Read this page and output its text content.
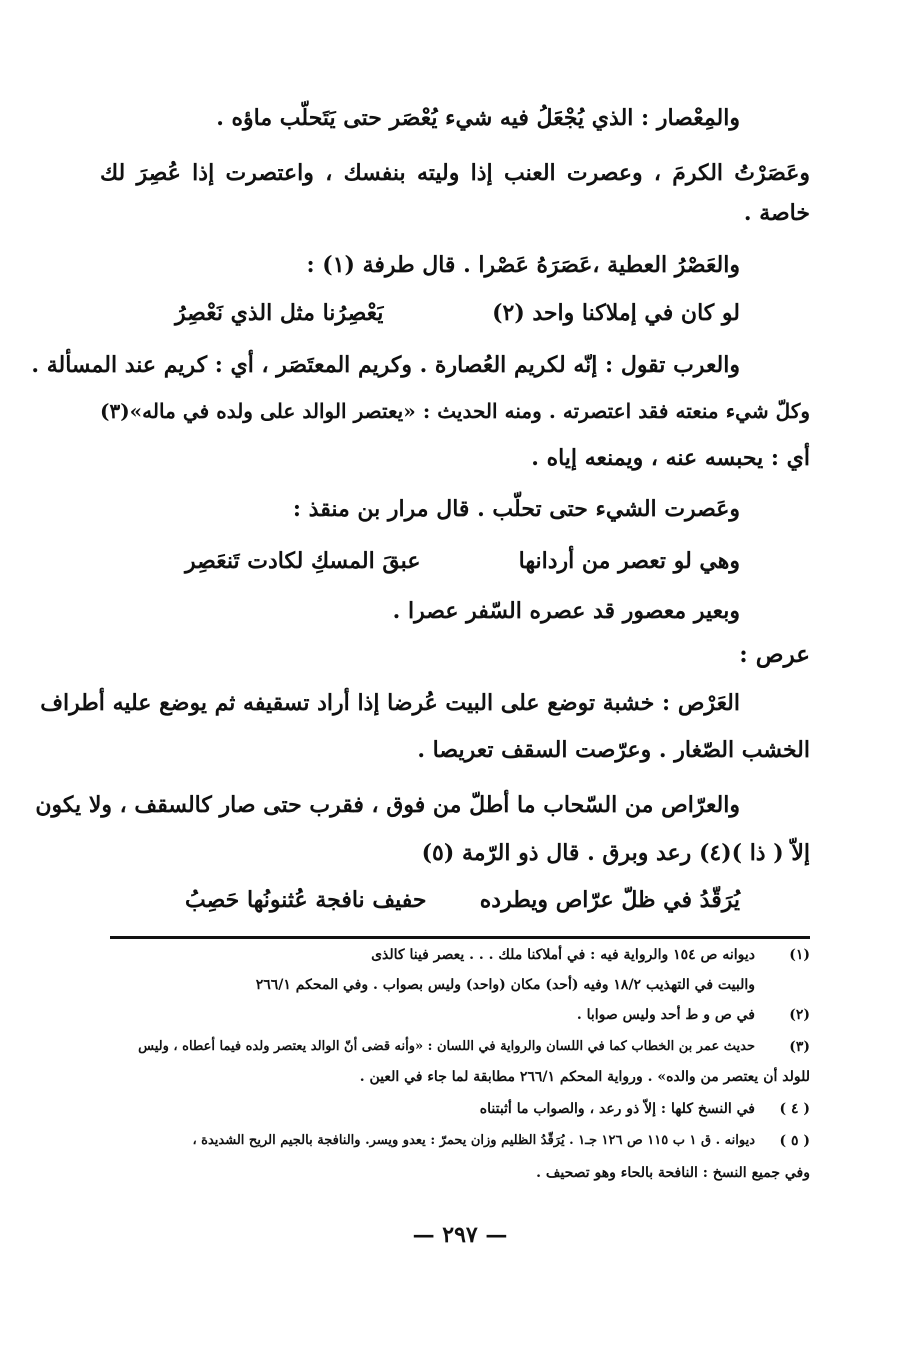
والمِعْصار : الذي يُجْعَلُ فيه شيء يُعْصَر حتى يَتَحلّب ماؤه .
وعَصَرْتُ الكرمَ ، وعصرت العنب إذا وليته بنفسك ، واعتصرت إذا عُصِرَ لك
خاصة .
والعَصْرُ العطية ،عَصَرَهُ عَصْرا . قال طرفة (١) :
لو كان في إملاكنا واحد (٢)
يَعْصِرُنا مثل الذي نَعْصِرُ
والعرب تقول : إنّه لكريم العُصارة . وكريم المعتَصَر ، أي : كريم عند المسألة .
وكلّ شيء منعته فقد اعتصرته . ومنه الحديث : «يعتصر الوالد على ولده في ماله»(٣)
أي : يحبسه عنه ، ويمنعه إياه .
وعَصرت الشيء حتى تحلّب . قال مرار بن منقذ :
وهي لو تعصر من أردانها
عبقَ المسكِ لكادت تَنعَصِر
وبعير معصور قد عصره السّفر عصرا .
عرص :
العَرْص : خشبة توضع على البيت عُرضا إذا أراد تسقيفه ثم يوضع عليه أطراف
الخشب الصّغار . وعرّصت السقف تعريصا .
والعرّاص من السّحاب ما أطلّ من فوق ، فقرب حتى صار كالسقف ، ولا يكون
إلاّ ( ذا )(٤) رعد وبرق . قال ذو الرّمة (٥)
يُرَقّدُ في ظلّ عرّاص ويطرده
حفيف نافجة عُثنونُها حَصِبُ
(١)
ديوانه ص ١٥٤ والرواية فيه : في أملاكنا ملك . . . يعصر فينا كالذى
والبيت في التهذيب ١٨/٢ وفيه (أحد) مكان (واحد) وليس بصواب . وفي المحكم ٢٦٦/١
(٢)
في ص و ط أحد وليس صوابا .
(٣)
حديث عمر بن الخطاب كما في اللسان والرواية في اللسان : «وأنه قضى أنّ الوالد يعتصر ولده فيما أعطاه ، وليس
للولد أن يعتصر من والده» . ورواية المحكم ٢٦٦/١ مطابقة لما جاء في العين .
( ٤ )
في النسخ كلها : إلاّ ذو رعد ، والصواب ما أثبتناه
( ٥ )
ديوانه . ق ١ ب ١١٥ ص ١٢٦ جـ١ . يُرَقّدُ الظليم وزان يحمرّ : يعدو ويسر. والنافجة بالجيم الريح الشديدة ،
وفي جميع النسخ : النافحة بالحاء وهو تصحيف .
— ٢٩٧ —
